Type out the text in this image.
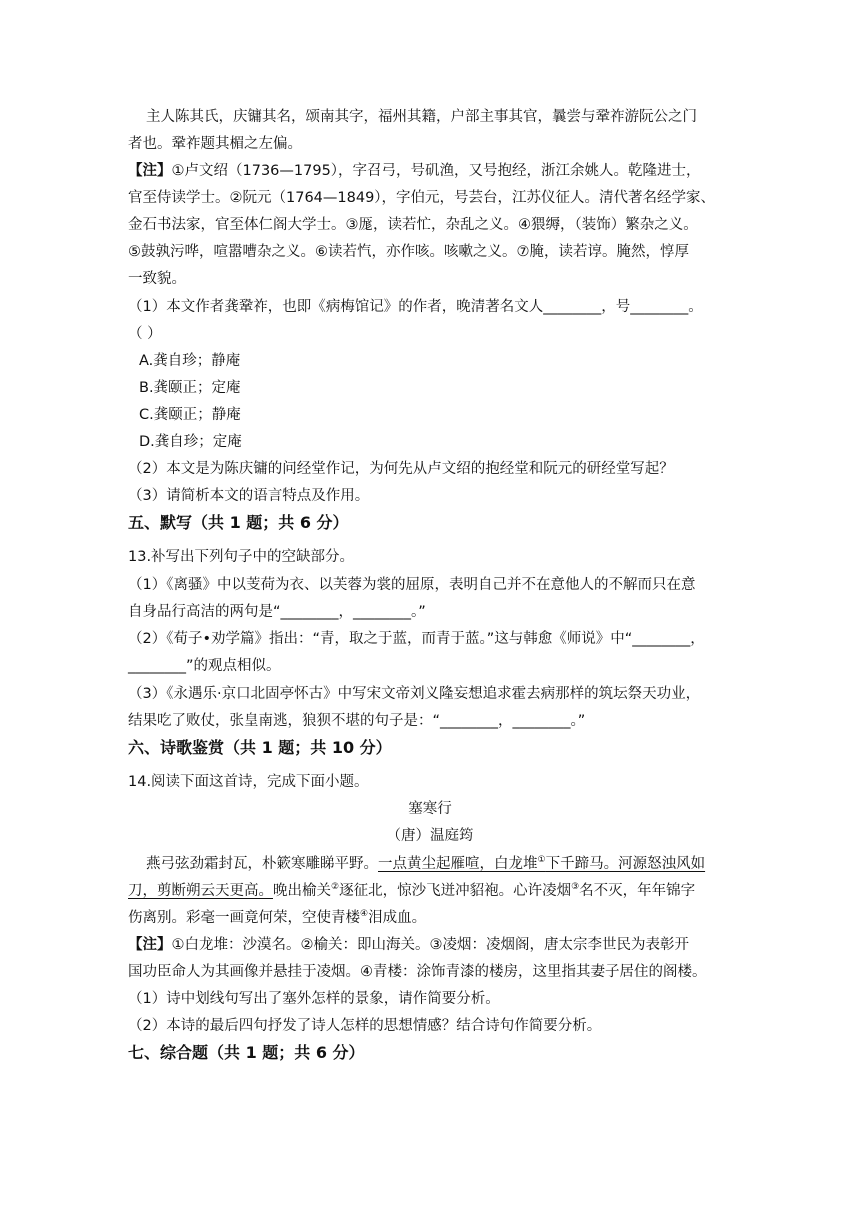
主人陈其氏，庆镛其名，颂南其字，福州其籍，户部主事其官，曩尝与鞏祚游阮公之门
者也。鞏祚题其楣之左偏。
【注】①卢文绍（1736—1795），字召弓，号矶渔，又号抱经，浙江余姚人。乾隆进士，
官至侍读学士。②阮元（1764—1849），字伯元，号芸台，江苏仪征人。清代著名经学家、
金石书法家，官至体仁阁大学士。③厖，读若忙，杂乱之义。④猥缛，（装饰）繁杂之义。
⑤鼓孰污哗，喧嚣嘈杂之义。⑥读若忾，亦作咳。咳嗽之义。⑦腌，读若谆。腌然，惇厚
一致貌。
（1）本文作者龚鞏祚，也即《病梅馆记》的作者，晚清著名文人________，号________。
（ ）
A.龚自珍；静庵
B.龚颐正；定庵
C.龚颐正；静庵
D.龚自珍；定庵
（2）本文是为陈庆镛的问经堂作记，为何先从卢文绍的抱经堂和阮元的研经堂写起？
（3）请简析本文的语言特点及作用。
五、默写（共 1 题；共 6 分）
13.补写出下列句子中的空缺部分。
（1）《离骚》中以芰荷为衣、以芙蓉为裳的屈原，表明自己并不在意他人的不解而只在意
自身品行高洁的两句是“________，________。”
（2）《荀子•劝学篇》指出：“青，取之于蓝，而青于蓝。”这与韩愈《师说》中“________，
________”的观点相似。
（3）《永遇乐·京口北固亭怀古》中写宋文帝刘义隆妄想追求霍去病那样的筑坛祭天功业，
结果吃了败仗，张皇南逃，狼狈不堪的句子是：“________，________。”
六、诗歌鉴赏（共 1 题；共 10 分）
14.阅读下面这首诗，完成下面小题。
塞寒行
（唐）温庭筠
燕弓弦劲霜封瓦，朴簌寒雕睇平野。一点黄尘起雁喧，白龙堆①下千蹄马。河源怒浊风如
刀，剪断朔云天更高。晚出榆关②逐征北，惊沙飞迸冲貂袍。心许凌烟③名不灭，年年锦字
伤离别。彩毫一画竟何荣，空使青楼④泪成血。
【注】①白龙堆：沙漠名。②榆关：即山海关。③凌烟：凌烟阁，唐太宗李世民为表彰开
国功臣命人为其画像并悬挂于凌烟。④青楼：涂饰青漆的楼房，这里指其妻子居住的阁楼。
（1）诗中划线句写出了塞外怎样的景象，请作简要分析。
（2）本诗的最后四句抒发了诗人怎样的思想情感？结合诗句作简要分析。
七、综合题（共 1 题；共 6 分）
